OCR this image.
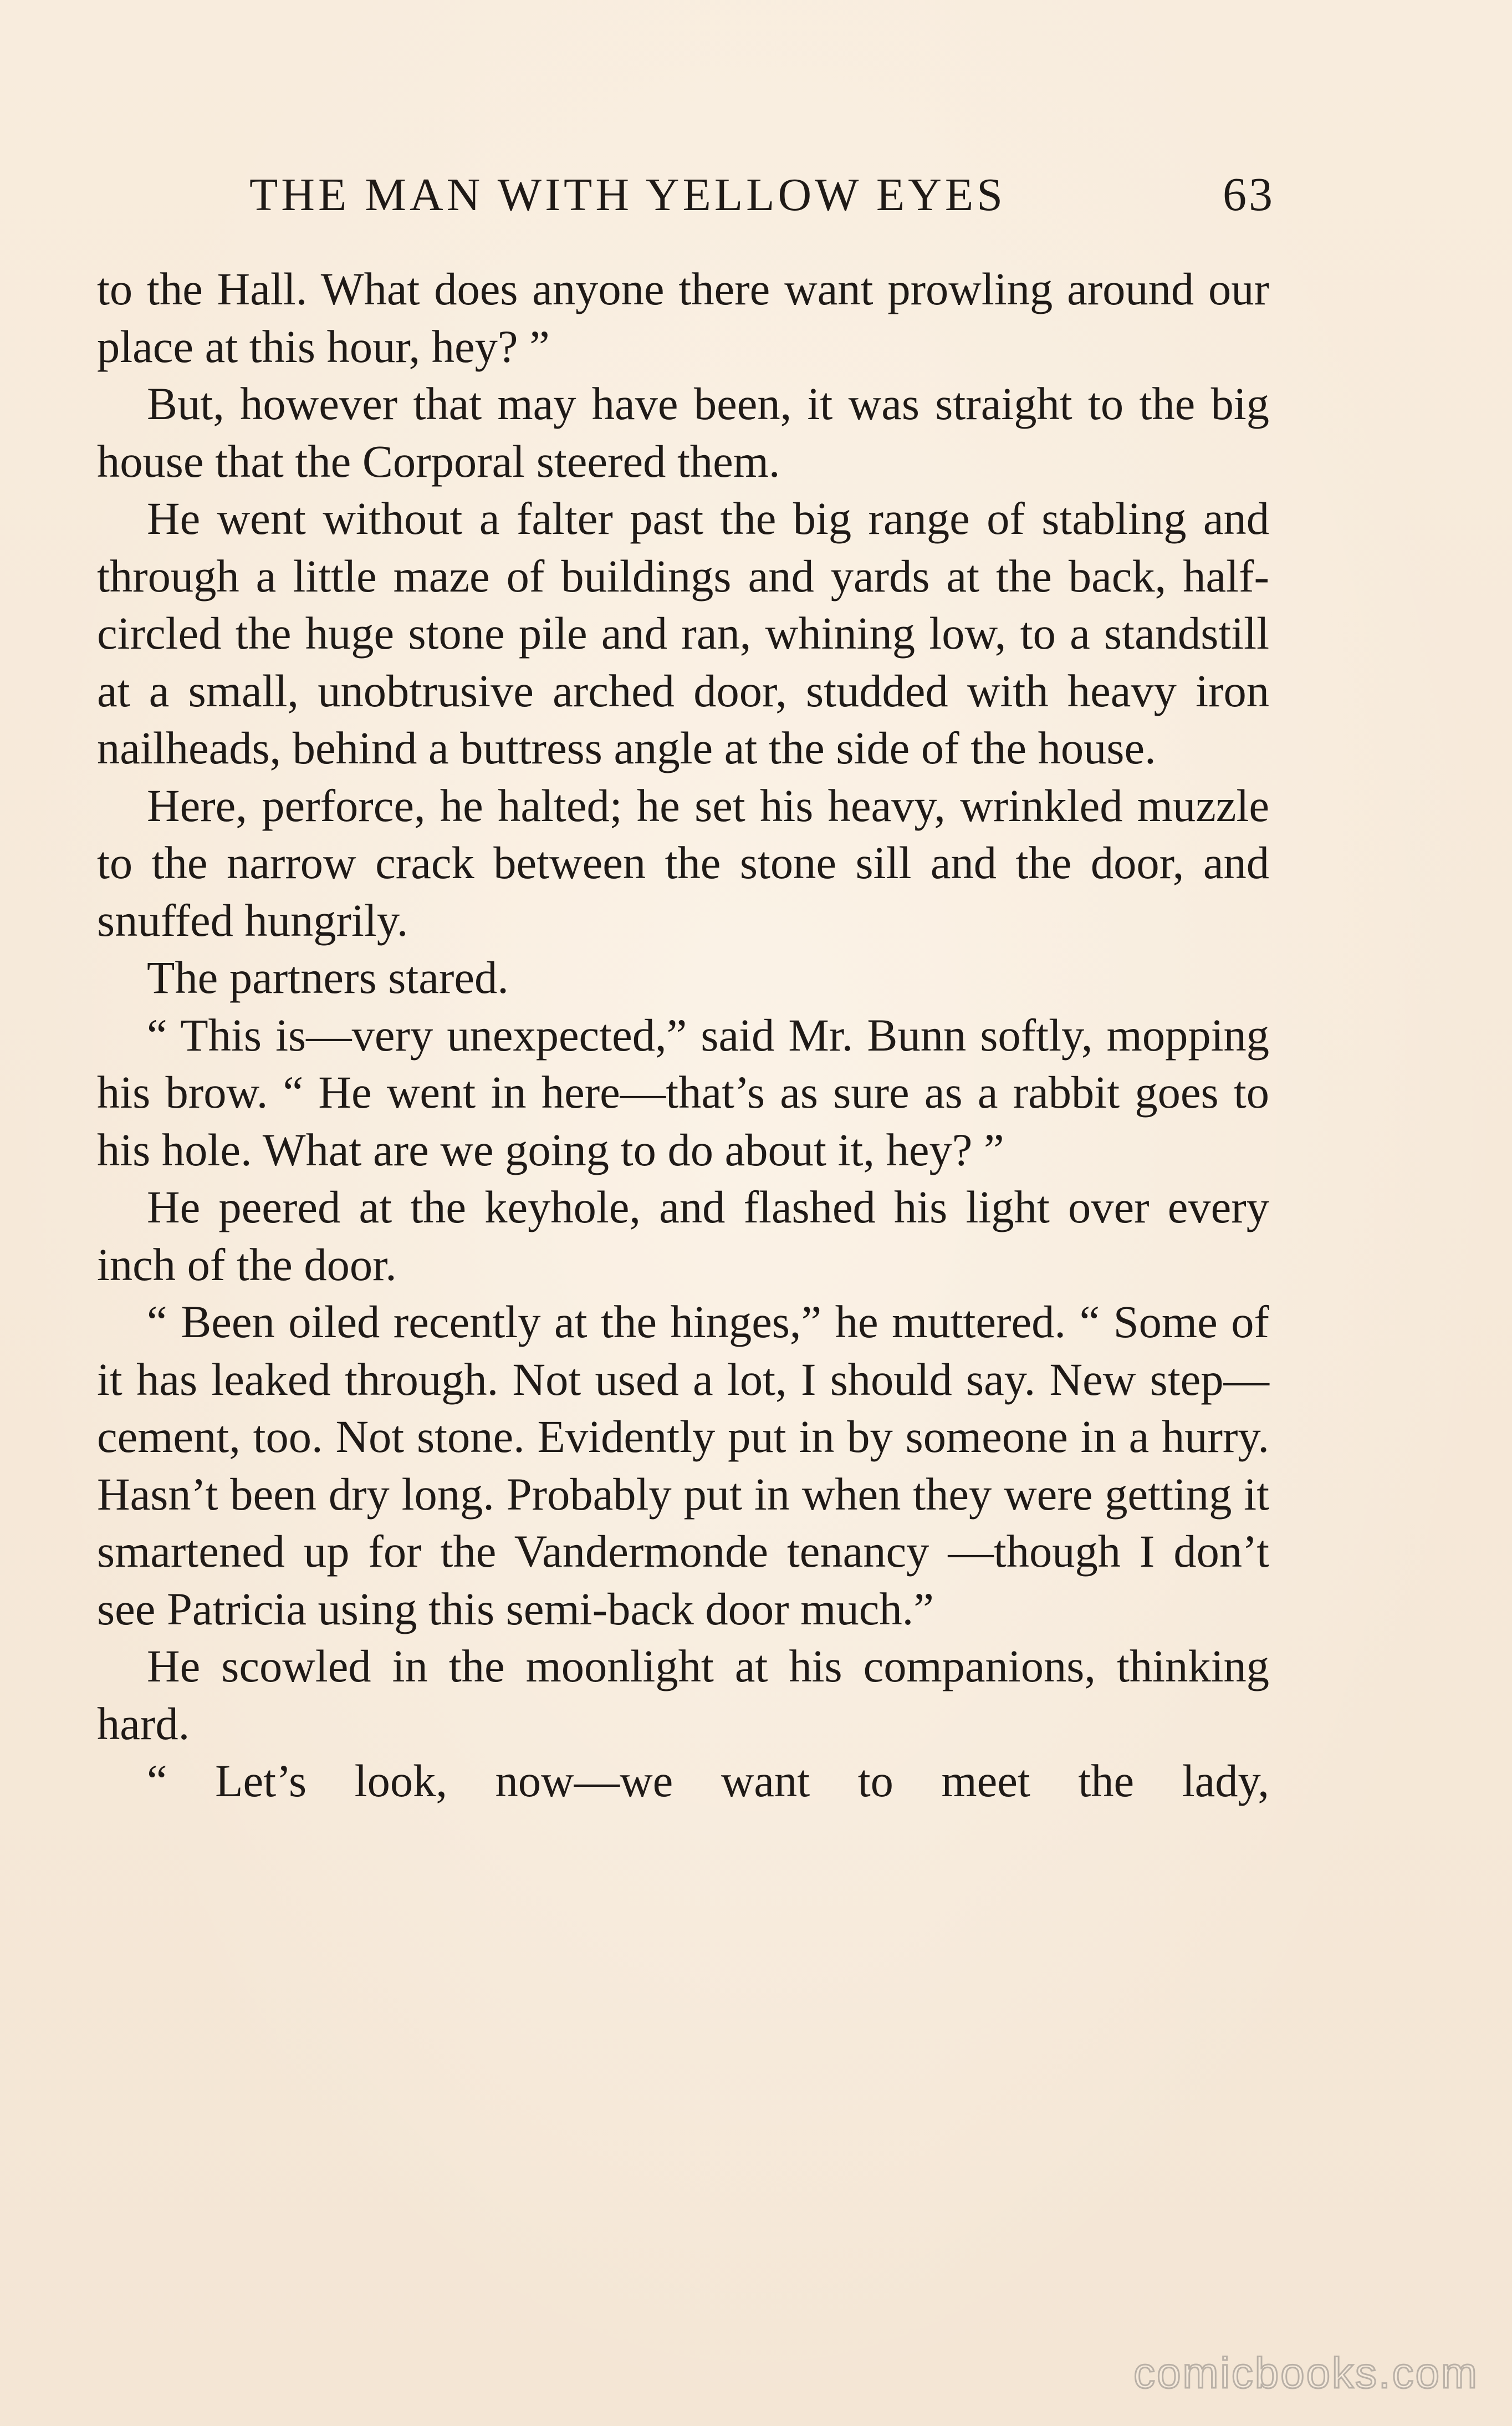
THE MAN WITH YELLOW EYES	63

to the Hall. What does anyone there want prowling around our place at this hour, hey? ”

But, however that may have been, it was straight to the big house that the Corporal steered them.

He went without a falter past the big range of stabling and through a little maze of buildings and yards at the back, half-circled the huge stone pile and ran, whining low, to a standstill at a small, unobtrusive arched door, studded with heavy iron nailheads, behind a buttress angle at the side of the house.

Here, perforce, he halted; he set his heavy, wrinkled muzzle to the narrow crack between the stone sill and the door, and snuffed hungrily.

The partners stared.

“ This is—very unexpected,” said Mr. Bunn softly, mopping his brow. “ He went in here—that’s as sure as a rabbit goes to his hole. What are we going to do about it, hey? ”

He peered at the keyhole, and flashed his light over every inch of the door.

“ Been oiled recently at the hinges,” he muttered. “ Some of it has leaked through. Not used a lot, I should say. New step—cement, too. Not stone. Evidently put in by someone in a hurry. Hasn’t been dry long. Probably put in when they were getting it smartened up for the Vandermonde tenancy —though I don’t see Patricia using this semi-back door much.”

He scowled in the moonlight at his companions, thinking hard.

“ Let’s look, now—we want to meet the lady,

comicbooks.com
